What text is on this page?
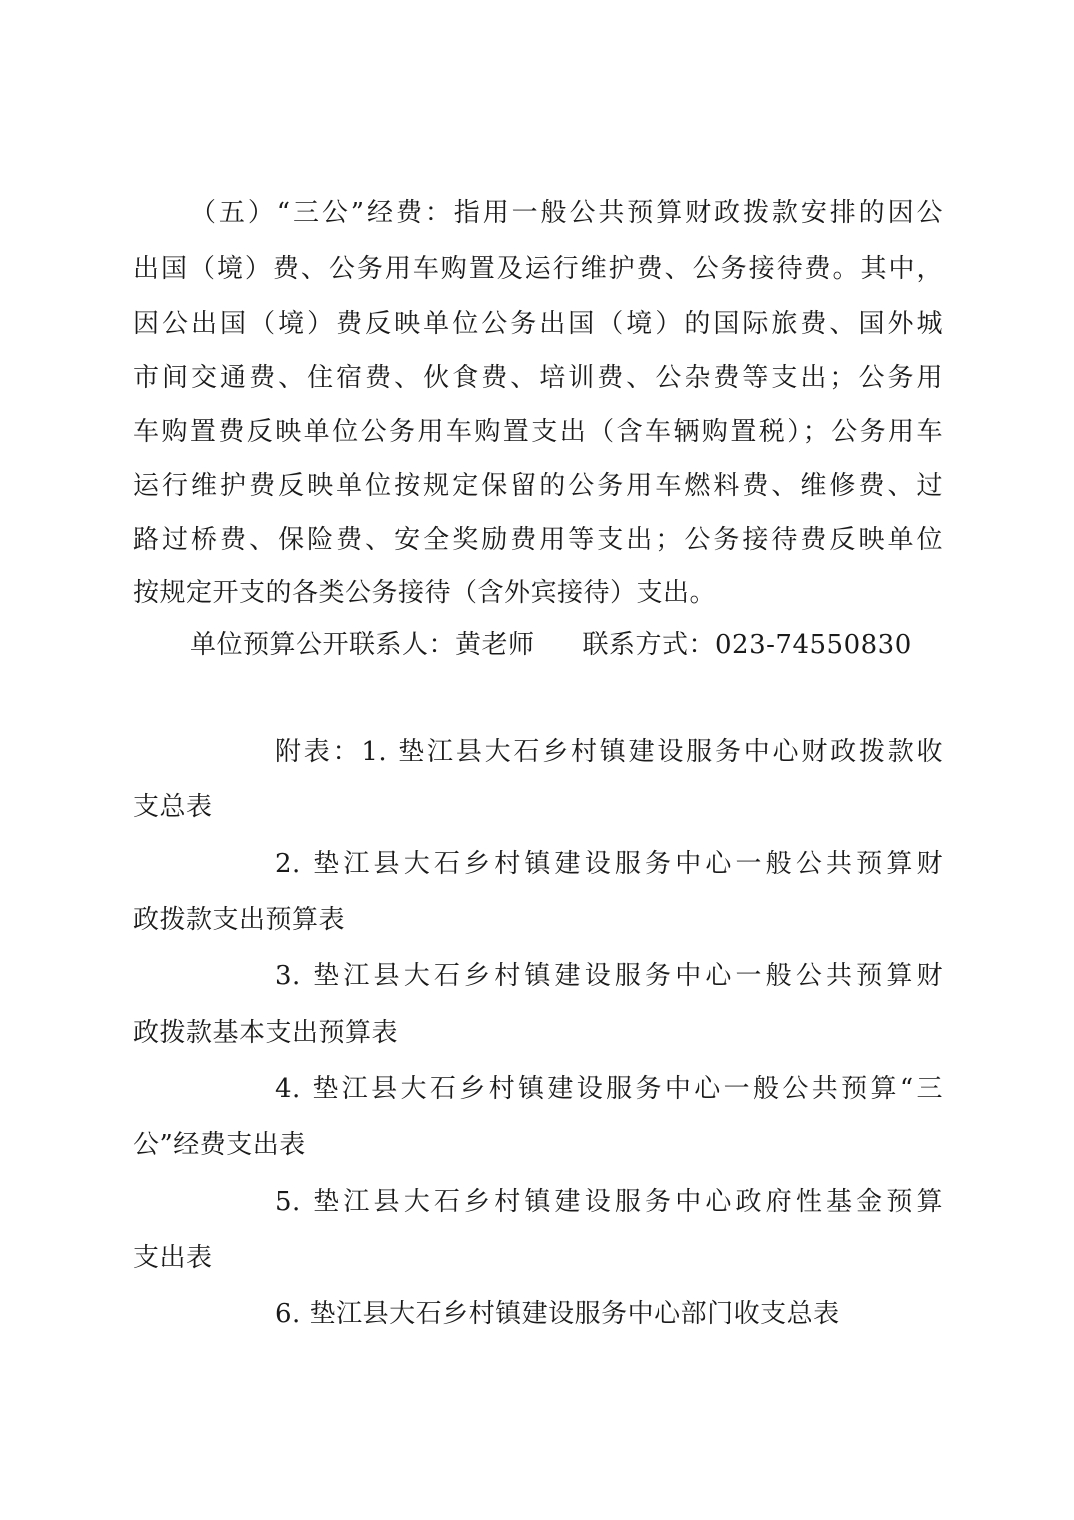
（五）“三公”经费：指用一般公共预算财政拨款安排的因公
出国（境）费、公务用车购置及运行维护费、公务接待费。其中，
因公出国（境）费反映单位公务出国（境）的国际旅费、国外城
市间交通费、住宿费、伙食费、培训费、公杂费等支出；公务用
车购置费反映单位公务用车购置支出（含车辆购置税）；公务用车
运行维护费反映单位按规定保留的公务用车燃料费、维修费、过
路过桥费、保险费、安全奖励费用等支出；公务接待费反映单位
按规定开支的各类公务接待（含外宾接待）支出。
单位预算公开联系人：黄老师 联系方式：023-74550830
附表：1. 垫江县大石乡村镇建设服务中心财政拨款收
支总表
2. 垫江县大石乡村镇建设服务中心一般公共预算财
政拨款支出预算表
3. 垫江县大石乡村镇建设服务中心一般公共预算财
政拨款基本支出预算表
4. 垫江县大石乡村镇建设服务中心一般公共预算“三
公”经费支出表
5. 垫江县大石乡村镇建设服务中心政府性基金预算
支出表
6. 垫江县大石乡村镇建设服务中心部门收支总表
